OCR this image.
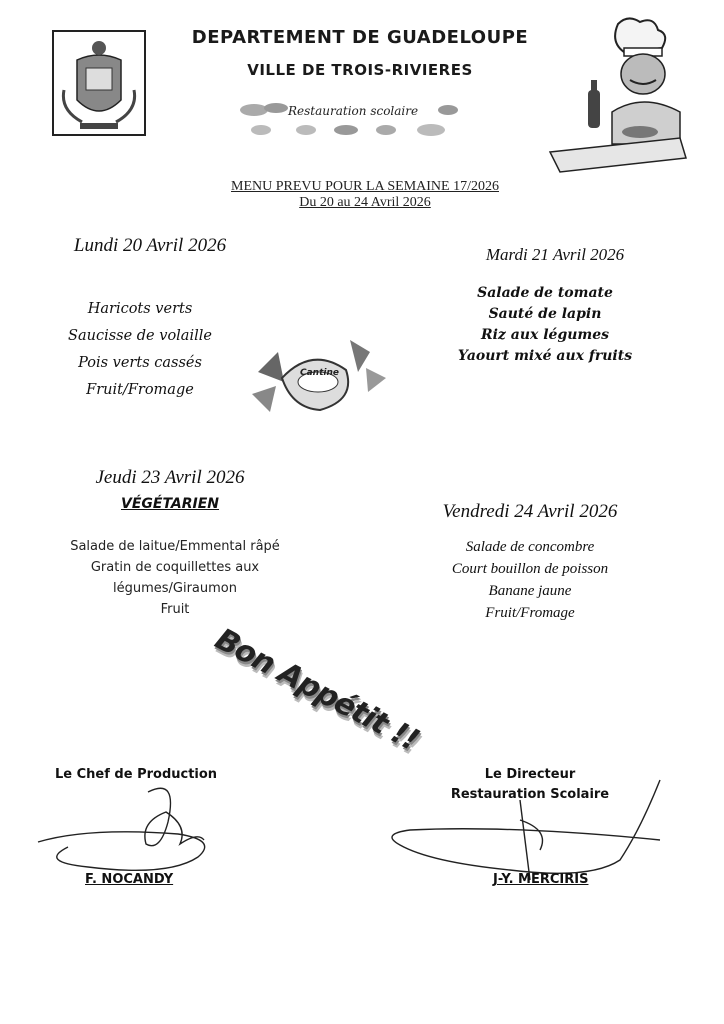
DEPARTEMENT DE GUADELOUPE
VILLE DE TROIS-RIVIERES
Restauration scolaire
MENU PREVU POUR LA SEMAINE 17/2026
Du 20 au 24 Avril 2026
Lundi 20 Avril 2026
Haricots verts
Saucisse de volaille
Pois verts cassés
Fruit/Fromage
Cantine
Mardi 21 Avril 2026
Salade de tomate
Sauté de lapin
Riz aux légumes
Yaourt mixé aux fruits
Jeudi 23 Avril 2026
VÉGÉTARIEN
Salade de laitue/Emmental râpé
Gratin de coquillettes aux
légumes/Giraumon
Fruit
Vendredi 24 Avril 2026
Salade de concombre
Court bouillon de poisson
Banane jaune
Fruit/Fromage
Bon Appétit !!
Le Chef de Production
F. NOCANDY
Le Directeur
Restauration Scolaire
J-Y. MERCIRIS
